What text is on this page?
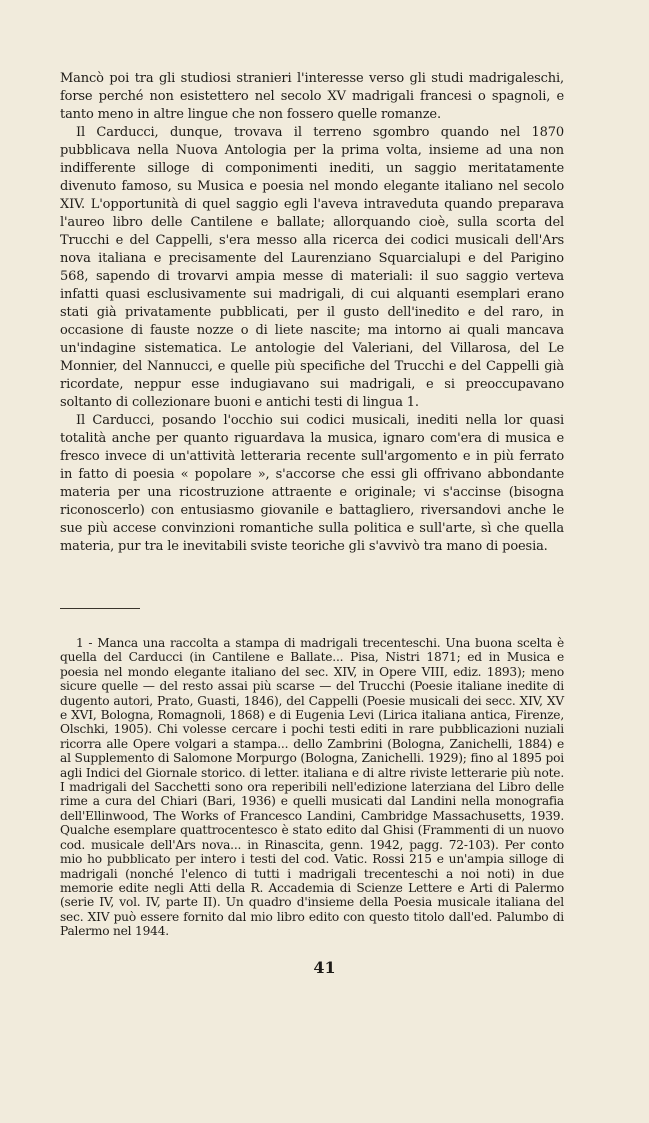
Mancò poi tra gli studiosi stranieri l'interesse verso gli studi madrigaleschi, forse perché non esistettero nel secolo XV madrigali francesi o spagnoli, e tanto meno in altre lingue che non fossero quelle romanze.

Il Carducci, dunque, trovava il terreno sgombro quando nel 1870 pubblicava nella Nuova Antologia per la prima volta, insieme ad una non indifferente silloge di componimenti inediti, un saggio meritatamente divenuto famoso, su Musica e poesia nel mondo elegante italiano nel secolo XIV. L'opportunità di quel saggio egli l'aveva intraveduta quando preparava l'aureo libro delle Cantilene e ballate; allorquando cioè, sulla scorta del Trucchi e del Cappelli, s'era messo alla ricerca dei codici musicali dell'Ars nova italiana e precisamente del Laurenziano Squarcialupi e del Parigino 568, sapendo di trovarvi ampia messe di materiali: il suo saggio verteva infatti quasi esclusivamente sui madrigali, di cui alquanti esemplari erano stati già privatamente pubblicati, per il gusto dell'inedito e del raro, in occasione di fauste nozze o di liete nascite; ma intorno ai quali mancava un'indagine sistematica. Le antologie del Valeriani, del Villarosa, del Le Monnier, del Nannucci, e quelle più specifiche del Trucchi e del Cappelli già ricordate, neppur esse indugiavano sui madrigali, e si preoccupavano soltanto di collezionare buoni e antichi testi di lingua 1.

Il Carducci, posando l'occhio sui codici musicali, inediti nella lor quasi totalità anche per quanto riguardava la musica, ignaro com'era di musica e fresco invece di un'attività letteraria recente sull'argomento e in più ferrato in fatto di poesia « popolare », s'accorse che essi gli offrivano abbondante materia per una ricostruzione attraente e originale; vi s'accinse (bisogna riconoscerlo) con entusiasmo giovanile e battagliero, riversandovi anche le sue più accese convinzioni romantiche sulla politica e sull'arte, sì che quella materia, pur tra le inevitabili sviste teoriche gli s'avvivò tra mano di poesia.

1 - Manca una raccolta a stampa di madrigali trecenteschi. Una buona scelta è quella del Carducci (in Cantilene e Ballate... Pisa, Nistri 1871; ed in Musica e poesia nel mondo elegante italiano del sec. XIV, in Opere VIII, ediz. 1893); meno sicure quelle — del resto assai più scarse — del Trucchi (Poesie italiane inedite di dugento autori, Prato, Guasti, 1846), del Cappelli (Poesie musicali dei secc. XIV, XV e XVI, Bologna, Romagnoli, 1868) e di Eugenia Levi (Lirica italiana antica, Firenze, Olschki, 1905). Chi volesse cercare i pochi testi editi in rare pubblicazioni nuziali ricorra alle Opere volgari a stampa... dello Zambrini (Bologna, Zanichelli, 1884) e al Supplemento di Salomone Morpurgo (Bologna, Zanichelli. 1929); fino al 1895 poi agli Indici del Giornale storico. di letter. italiana e di altre riviste letterarie più note. I madrigali del Sacchetti sono ora reperibili nell'edizione laterziana del Libro delle rime a cura del Chiari (Bari, 1936) e quelli musicati dal Landini nella monografia dell'Ellinwood, The Works of Francesco Landini, Cambridge Massachusetts, 1939. Qualche esemplare quattrocentesco è stato edito dal Ghisi (Frammenti di un nuovo cod. musicale dell'Ars nova... in Rinascita, genn. 1942, pagg. 72-103). Per conto mio ho pubblicato per intero i testi del cod. Vatic. Rossi 215 e un'ampia silloge di madrigali (nonché l'elenco di tutti i madrigali trecenteschi a noi noti) in due memorie edite negli Atti della R. Accademia di Scienze Lettere e Arti di Palermo (serie IV, vol. IV, parte II). Un quadro d'insieme della Poesia musicale italiana del sec. XIV può essere fornito dal mio libro edito con questo titolo dall'ed. Palumbo di Palermo nel 1944.

41
